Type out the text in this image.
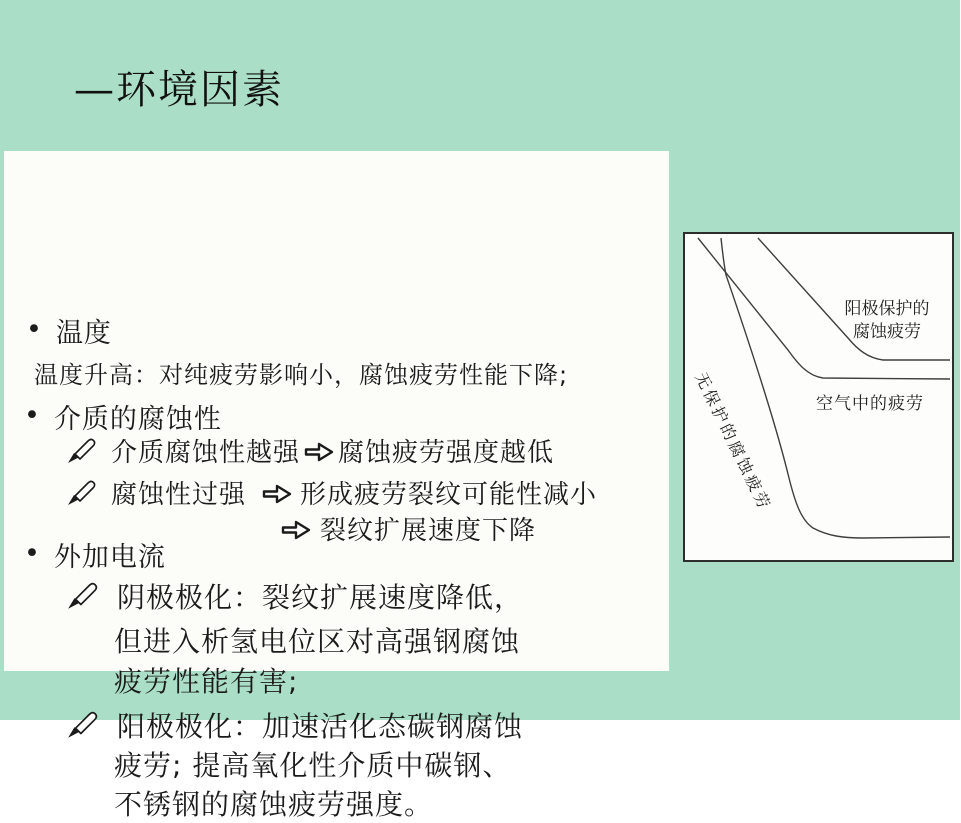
—环境因素
• 温度
温度升高：对纯疲劳影响小，腐蚀疲劳性能下降;
• 介质的腐蚀性
介质腐蚀性越强 腐蚀疲劳强度越低
腐蚀性过强 形成疲劳裂纹可能性减小
裂纹扩展速度下降
• 外加电流
阴极极化：裂纹扩展速度降低，
但进入析氢电位区对高强钢腐蚀
疲劳性能有害;
阳极极化：加速活化态碳钢腐蚀
疲劳; 提高氧化性介质中碳钢、
不锈钢的腐蚀疲劳强度。
阳极保护的
腐蚀疲劳
空气中的疲劳
无保护的腐蚀疲劳
